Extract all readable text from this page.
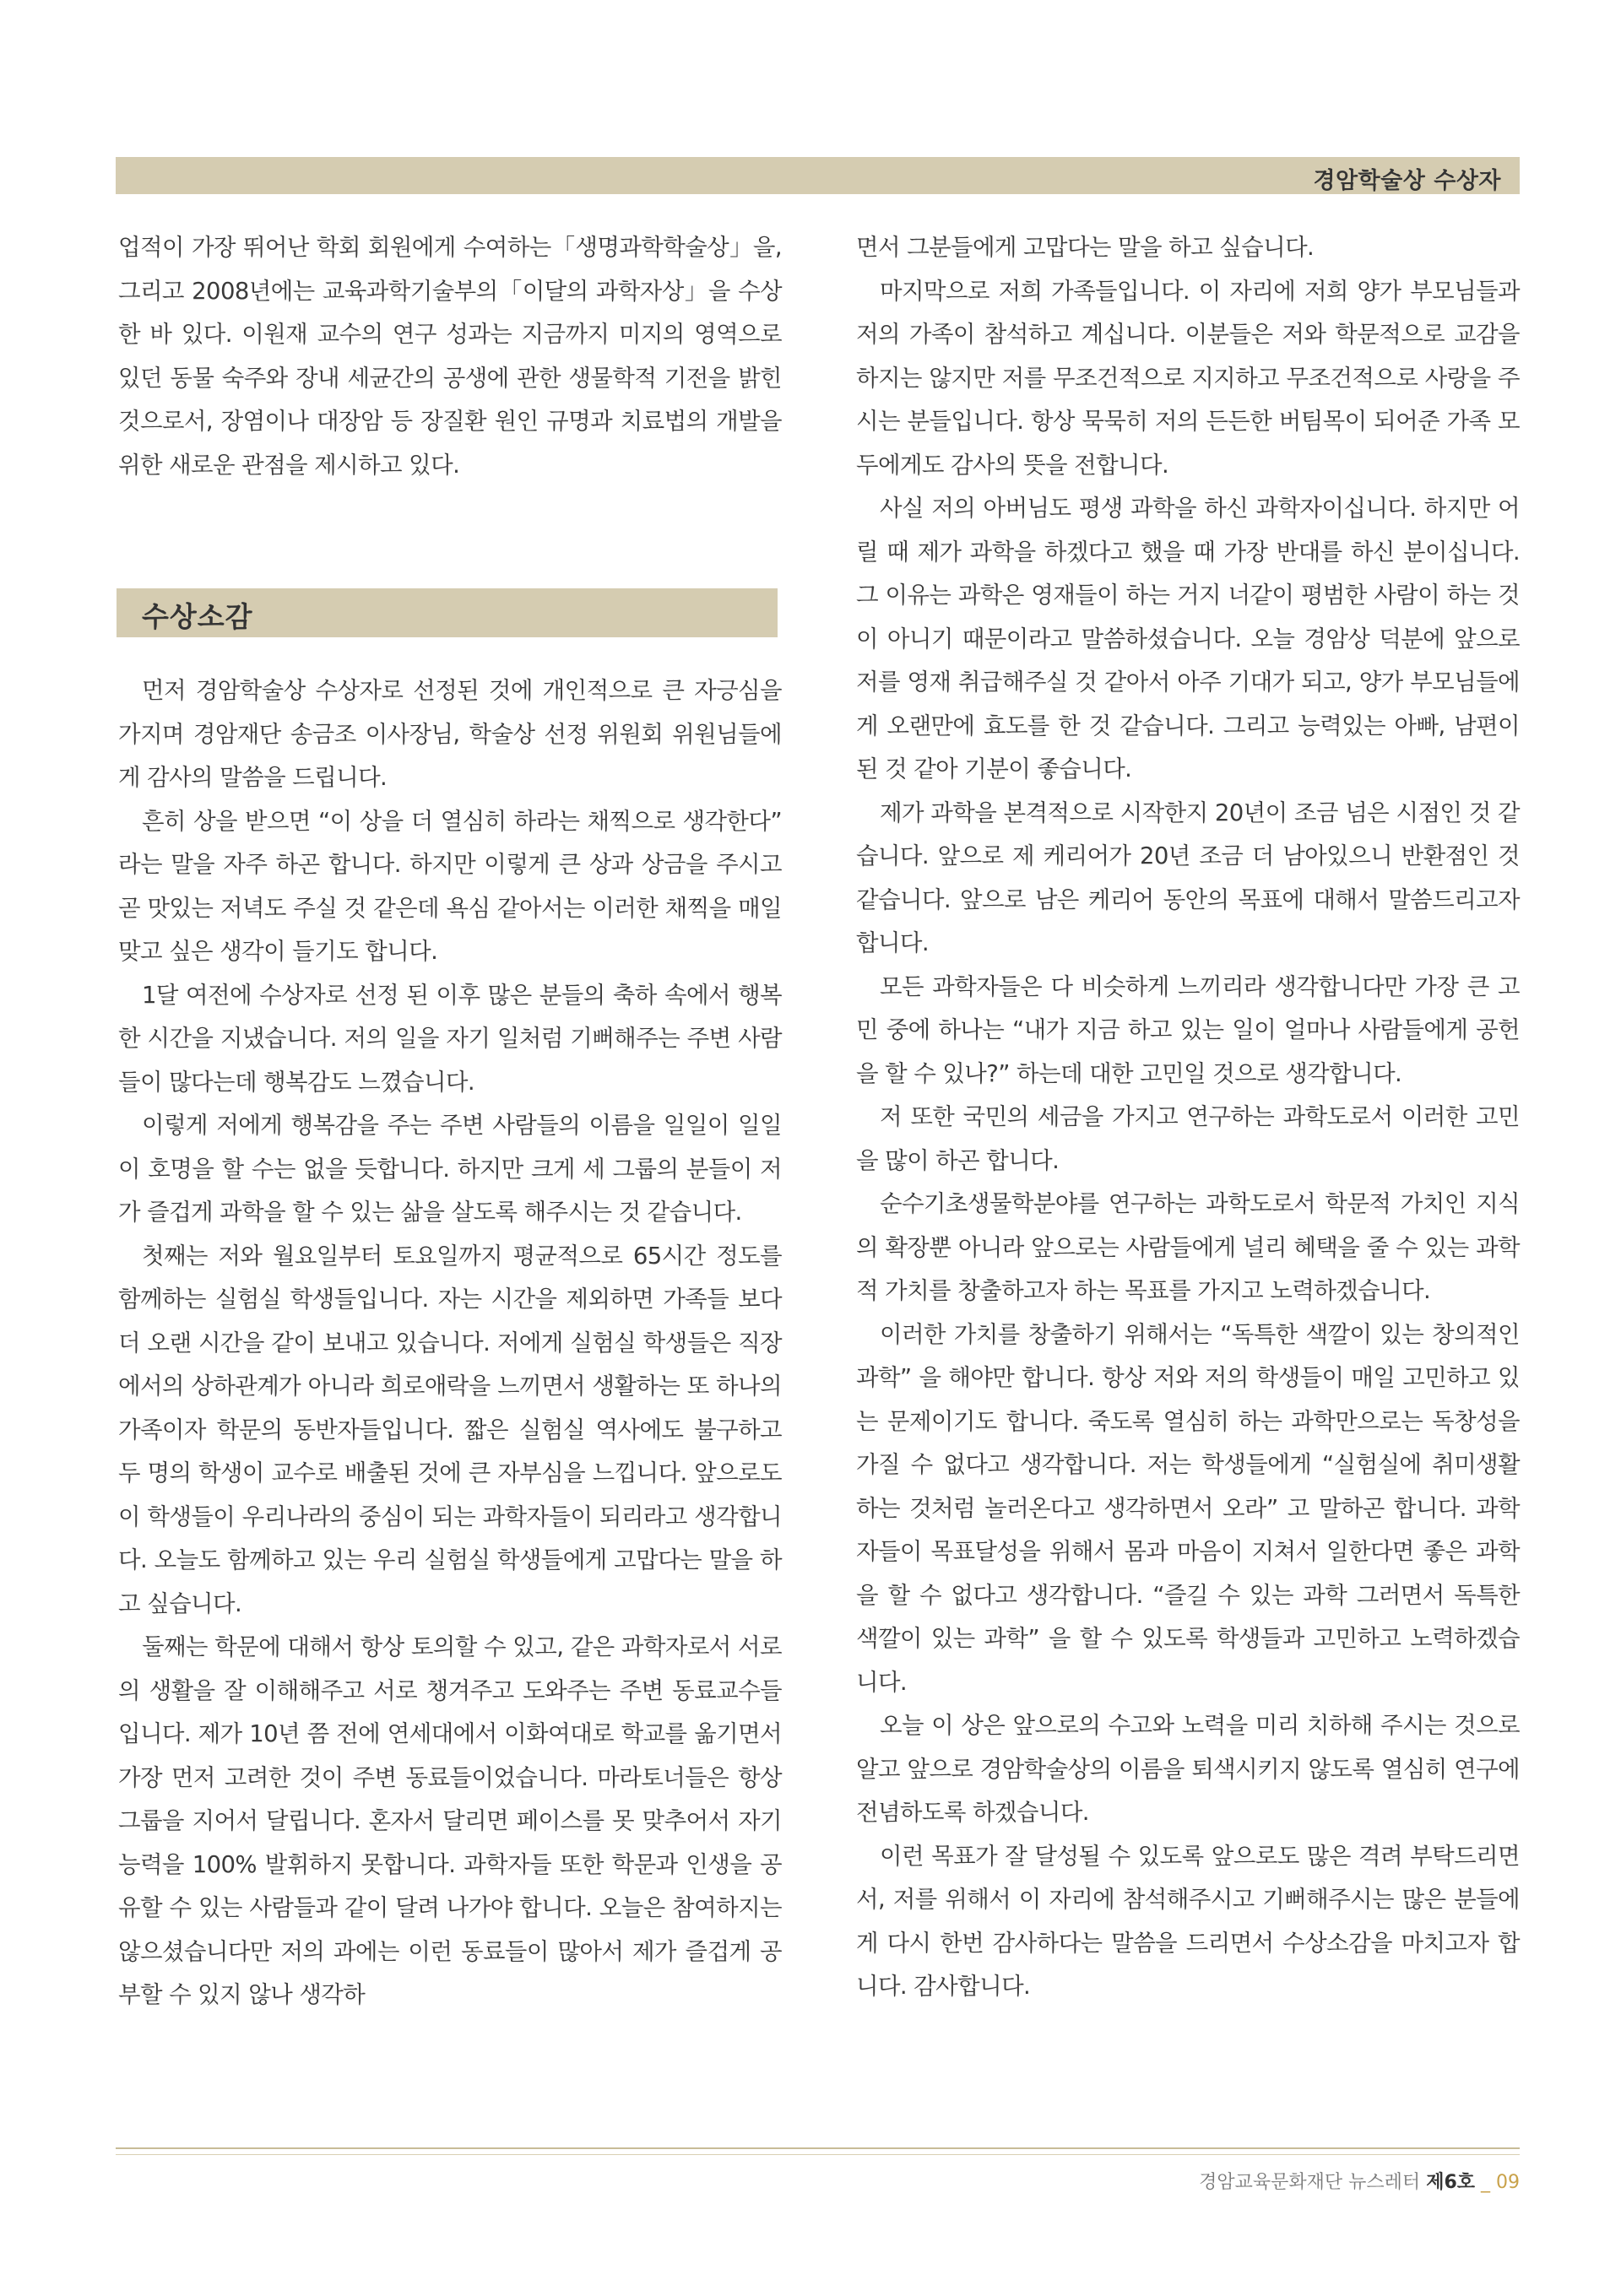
경암학술상 수상자

업적이 가장 뛰어난 학회 회원에게 수여하는「생명과학학술상」을, 그리고 2008년에는 교육과학기술부의「이달의 과학자상」을 수상한 바 있다. 이원재 교수의 연구 성과는 지금까지 미지의 영역으로 있던 동물 숙주와 장내 세균간의 공생에 관한 생물학적 기전을 밝힌 것으로서, 장염이나 대장암 등 장질환 원인 규명과 치료법의 개발을 위한 새로운 관점을 제시하고 있다.

수상소감

먼저 경암학술상 수상자로 선정된 것에 개인적으로 큰 자긍심을 가지며 경암재단 송금조 이사장님, 학술상 선정 위원회 위원님들에게 감사의 말씀을 드립니다.

흔히 상을 받으면 “이 상을 더 열심히 하라는 채찍으로 생각한다” 라는 말을 자주 하곤 합니다. 하지만 이렇게 큰 상과 상금을 주시고 곧 맛있는 저녁도 주실 것 같은데 욕심 같아서는 이러한 채찍을 매일 맞고 싶은 생각이 들기도 합니다.

1달 여전에 수상자로 선정 된 이후 많은 분들의 축하 속에서 행복한 시간을 지냈습니다. 저의 일을 자기 일처럼 기뻐해주는 주변 사람들이 많다는데 행복감도 느꼈습니다.

이렇게 저에게 행복감을 주는 주변 사람들의 이름을 일일이 일일이 호명을 할 수는 없을 듯합니다. 하지만 크게 세 그룹의 분들이 저가 즐겁게 과학을 할 수 있는 삶을 살도록 해주시는 것 같습니다.

첫째는 저와 월요일부터 토요일까지 평균적으로 65시간 정도를 함께하는 실험실 학생들입니다. 자는 시간을 제외하면 가족들 보다 더 오랜 시간을 같이 보내고 있습니다. 저에게 실험실 학생들은 직장에서의 상하관계가 아니라 희로애락을 느끼면서 생활하는 또 하나의 가족이자 학문의 동반자들입니다. 짧은 실험실 역사에도 불구하고 두 명의 학생이 교수로 배출된 것에 큰 자부심을 느낍니다. 앞으로도 이 학생들이 우리나라의 중심이 되는 과학자들이 되리라고 생각합니다. 오늘도 함께하고 있는 우리 실험실 학생들에게 고맙다는 말을 하고 싶습니다.

둘째는 학문에 대해서 항상 토의할 수 있고, 같은 과학자로서 서로의 생활을 잘 이해해주고 서로 챙겨주고 도와주는 주변 동료교수들입니다. 제가 10년 쯤 전에 연세대에서 이화여대로 학교를 옮기면서 가장 먼저 고려한 것이 주변 동료들이었습니다. 마라토너들은 항상 그룹을 지어서 달립니다. 혼자서 달리면 페이스를 못 맞추어서 자기능력을 100% 발휘하지 못합니다. 과학자들 또한 학문과 인생을 공유할 수 있는 사람들과 같이 달려 나가야 합니다. 오늘은 참여하지는 않으셨습니다만 저의 과에는 이런 동료들이 많아서 제가 즐겁게 공부할 수 있지 않나 생각하

면서 그분들에게 고맙다는 말을 하고 싶습니다.

마지막으로 저희 가족들입니다. 이 자리에 저희 양가 부모님들과 저의 가족이 참석하고 계십니다. 이분들은 저와 학문적으로 교감을 하지는 않지만 저를 무조건적으로 지지하고 무조건적으로 사랑을 주시는 분들입니다. 항상 묵묵히 저의 든든한 버팀목이 되어준 가족 모두에게도 감사의 뜻을 전합니다.

사실 저의 아버님도 평생 과학을 하신 과학자이십니다. 하지만 어릴 때 제가 과학을 하겠다고 했을 때 가장 반대를 하신 분이십니다. 그 이유는 과학은 영재들이 하는 거지 너같이 평범한 사람이 하는 것이 아니기 때문이라고 말씀하셨습니다. 오늘 경암상 덕분에 앞으로 저를 영재 취급해주실 것 같아서 아주 기대가 되고, 양가 부모님들에게 오랜만에 효도를 한 것 같습니다. 그리고 능력있는 아빠, 남편이 된 것 같아 기분이 좋습니다.

제가 과학을 본격적으로 시작한지 20년이 조금 넘은 시점인 것 같습니다. 앞으로 제 케리어가 20년 조금 더 남아있으니 반환점인 것 같습니다. 앞으로 남은 케리어 동안의 목표에 대해서 말씀드리고자 합니다.

모든 과학자들은 다 비슷하게 느끼리라 생각합니다만 가장 큰 고민 중에 하나는 “내가 지금 하고 있는 일이 얼마나 사람들에게 공헌을 할 수 있나?” 하는데 대한 고민일 것으로 생각합니다.

저 또한 국민의 세금을 가지고 연구하는 과학도로서 이러한 고민을 많이 하곤 합니다.

순수기초생물학분야를 연구하는 과학도로서 학문적 가치인 지식의 확장뿐 아니라 앞으로는 사람들에게 널리 혜택을 줄 수 있는 과학적 가치를 창출하고자 하는 목표를 가지고 노력하겠습니다.

이러한 가치를 창출하기 위해서는 “독특한 색깔이 있는 창의적인 과학” 을 해야만 합니다. 항상 저와 저의 학생들이 매일 고민하고 있는 문제이기도 합니다. 죽도록 열심히 하는 과학만으로는 독창성을 가질 수 없다고 생각합니다. 저는 학생들에게 “실험실에 취미생활 하는 것처럼 놀러온다고 생각하면서 오라” 고 말하곤 합니다. 과학자들이 목표달성을 위해서 몸과 마음이 지쳐서 일한다면 좋은 과학을 할 수 없다고 생각합니다. “즐길 수 있는 과학 그러면서 독특한 색깔이 있는 과학” 을 할 수 있도록 학생들과 고민하고 노력하겠습니다.

오늘 이 상은 앞으로의 수고와 노력을 미리 치하해 주시는 것으로 알고 앞으로 경암학술상의 이름을 퇴색시키지 않도록 열심히 연구에 전념하도록 하겠습니다.

이런 목표가 잘 달성될 수 있도록 앞으로도 많은 격려 부탁드리면서, 저를 위해서 이 자리에 참석해주시고 기뻐해주시는 많은 분들에게 다시 한번 감사하다는 말씀을 드리면서 수상소감을 마치고자 합니다. 감사합니다.

경암교육문화재단 뉴스레터 제6호 _ 09
